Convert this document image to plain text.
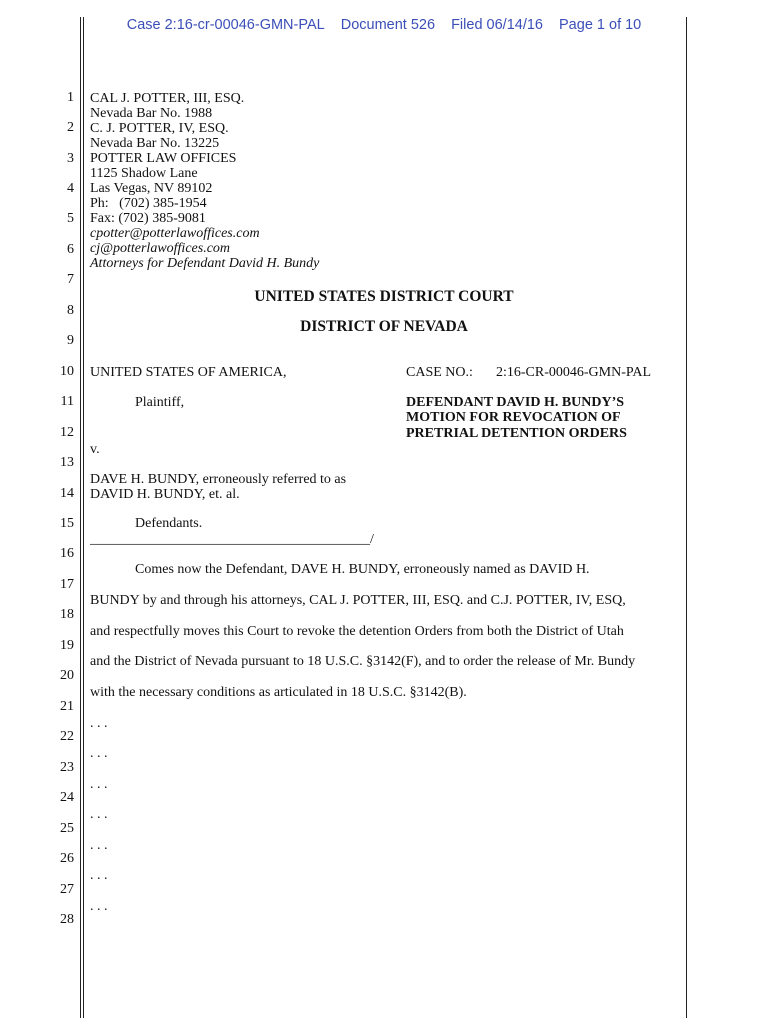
Case 2:16-cr-00046-GMN-PAL Document 526 Filed 06/14/16 Page 1 of 10
1
2
3
4
5
6
7
8
9
10
11
12
13
14
15
16
17
18
19
20
21
22
23
24
25
26
27
28
CAL J. POTTER, III, ESQ.
Nevada Bar No. 1988
C. J. POTTER, IV, ESQ.
Nevada Bar No. 13225
POTTER LAW OFFICES
1125 Shadow Lane
Las Vegas, NV 89102
Ph:   (702) 385-1954
Fax: (702) 385-9081
cpotter@potterlawoffices.com
cj@potterlawoffices.com
Attorneys for Defendant David H. Bundy
UNITED STATES DISTRICT COURT
DISTRICT OF NEVADA
UNITED STATES OF AMERICA,
Plaintiff,
v.
DAVE H. BUNDY, erroneously referred to as
DAVID H. BUNDY, et. al.
Defendants.
________________________________________/
CASE NO.: 2:16-CR-00046-GMN-PAL
DEFENDANT DAVID H. BUNDY’S
MOTION FOR REVOCATION OF
PRETRIAL DETENTION ORDERS
Comes now the Defendant, DAVE H. BUNDY, erroneously named as DAVID H.
BUNDY by and through his attorneys, CAL J. POTTER, III, ESQ. and C.J. POTTER, IV, ESQ,
and respectfully moves this Court to revoke the detention Orders from both the District of Utah
and the District of Nevada pursuant to 18 U.S.C. §3142(F), and to order the release of Mr. Bundy
with the necessary conditions as articulated in 18 U.S.C. §3142(B).
. . .
. . .
. . .
. . .
. . .
. . .
. . .
